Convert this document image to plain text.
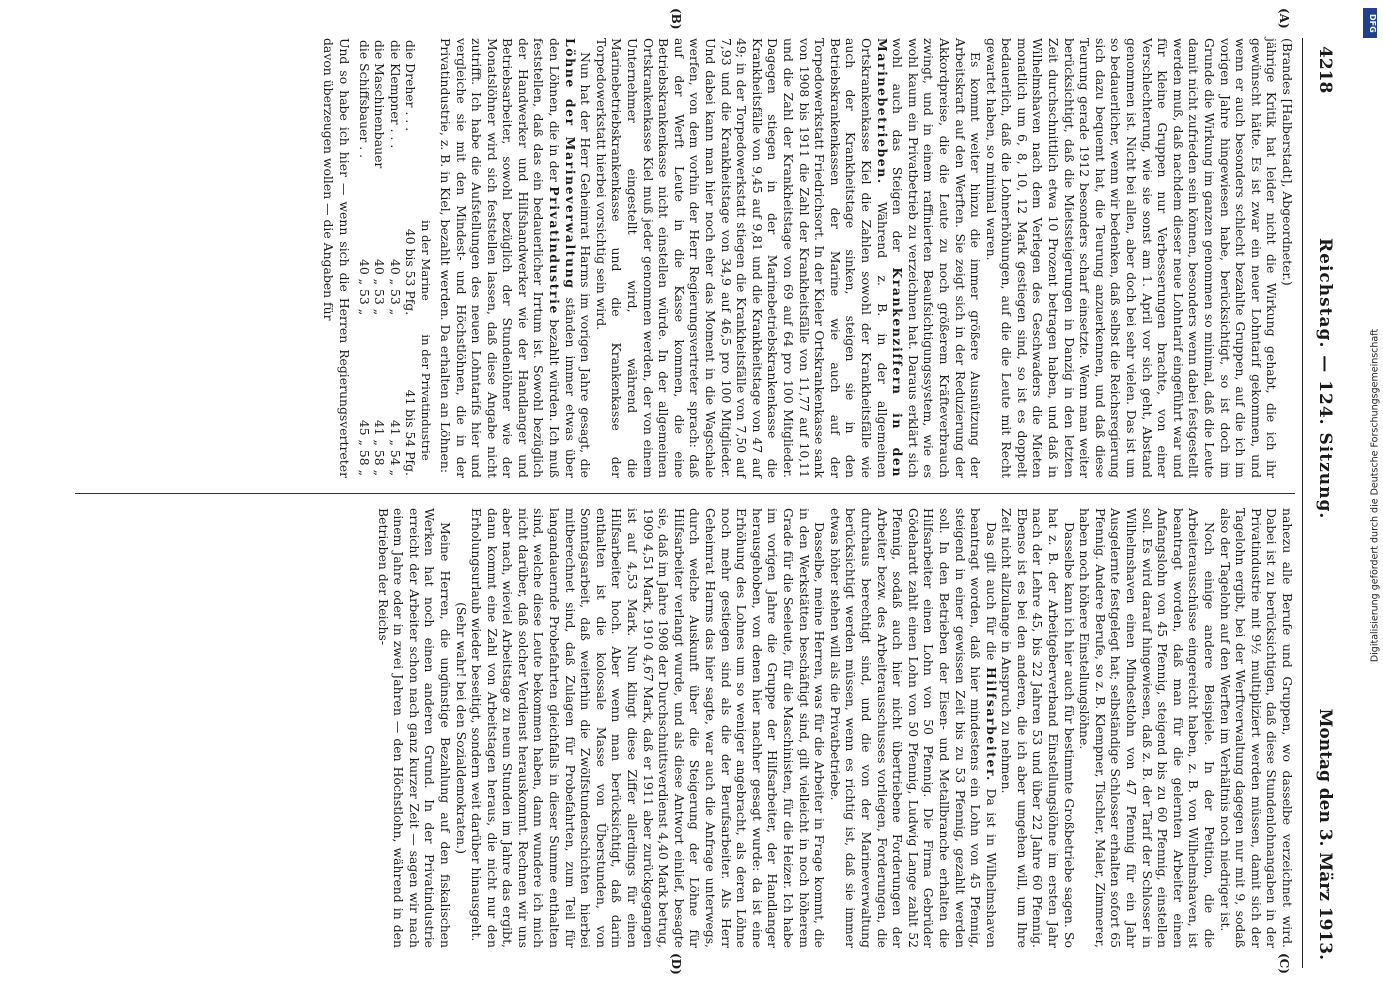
4218
Reichstag. — 124. Sitzung.
Montag den 3. März 1913.
(A)
(B)
(C)
(D)

(Brandes [Halberstadt], Abgeordneter.)

jährige Kritik hat leider nicht die Wirkung gehabt, die ich ihr gewünscht hätte. Es ist zwar ein neuer Lohntarif gekommen, und wenn er auch besonders schlecht bezahlte Gruppen, auf die ich im vorigen Jahre hingewiesen habe, berücksichtigt, so ist doch im Grunde die Wirkung im ganzen genommen so minimal, daß die Leute damit nicht zufrieden sein können, besonders wenn dabei festgestellt werden muß, daß nachdem dieser neue Lohntarif eingeführt war und für kleine Gruppen nur Verbesserungen brachte, von einer Verschlechterung, wie sie sonst am 1. April vor sich geht, Abstand genommen ist. Nicht bei allen, aber doch bei sehr vielen. Das ist um so bedauerlicher, wenn wir bedenken, daß selbst die Reichsregierung sich dazu bequemt hat, die Teurung anzuerkennen, und daß diese Teurung gerade 1912 besonders scharf einsetzte. Wenn man weiter berücksichtigt, daß die Mietssteigerungen in Danzig in den letzten Zeit durchschnittlich etwa 10 Prozent betragen haben, und daß in Wilhelmshaven nach dem Verlegen des Geschwaders die Mieten monatlich um 6, 8, 10, 12 Mark gestiegen sind, so ist es doppelt bedauerlich, daß die Lohnerhöhungen, auf die die Leute mit Recht gewartet haben, so minimal waren.

Es kommt weiter hinzu die immer größere Ausnützung der Arbeitskraft auf den Werften. Sie zeigt sich in der Reduzierung der Akkordpreise, die die Leute zu noch größerem Kräfteverbrauch zwingt, und in einem raffinierten Beaufsichtigungssystem, wie es wohl kaum ein Privatbetrieb zu verzeichnen hat. Daraus erklärt sich wohl auch das Steigen der Krankenziffern in den Marinebetrieben. Während z. B. in der allgemeinen Ortskrankenkasse Kiel die Zahlen sowohl der Krankheitsfälle wie auch der Krankheitstage sinken, steigen sie in den Betriebskrankenkassen der Marine wie auch auf der Torpedowerkstatt Friedrichsort. In der Kieler Ortskrankenkasse sank von 1908 bis 1911 die Zahl der Krankheitsfälle von 11,77 auf 10,11 und die Zahl der Krankheitstage von 69 auf 64 pro 100 Mitglieder. Dagegen stiegen in der Marinebetriebskrankenkasse die Krankheitsfälle von 9,45 auf 9,81 und die Krankheitstage von 47 auf 49; in der Torpedowerkstatt stiegen die Krankheitsfälle von 7,50 auf 7,93 und die Krankheitstage von 34,9 auf 46,5 pro 100 Mitglieder. Und dabei kann man hier noch eher das Moment in die Wagschale werfen, von dem vorhin der Herr Regierungsvertreter sprach: daß auf der Werft Leute in die Kasse kommen, die eine Betriebskrankenkasse nicht einstellen würde. In der allgemeinen Ortskrankenkasse Kiel muß jeder genommen werden, der von einem Unternehmer eingestellt wird, während die Marinebetriebskrankenkasse und die Krankenkasse der Torpedowerkstatt hierbei vorsichtig sein wird.

Nun hat der Herr Geheimrat Harms im vorigen Jahre gesagt, die Löhne der Marineverwaltung ständen immer etwas über den Löhnen, die in der Privatindustrie bezahlt würden. Ich muß feststellen, daß das ein bedauerlicher Irrtum ist. Sowohl bezüglich der Handwerker und Hilfshandwerker wie der Handlanger und Betriebsarbeiter, sowohl bezüglich der Stundenlöhner wie der Monatslöhner wird sich feststellen lassen, daß diese Angabe nicht zutrifft. Ich habe die Aufstellungen des neuen Lohntarifs hier und vergleiche sie mit den Mindest- und Höchstlöhnen, die in der Privatindustrie, z. B. in Kiel, bezahlt werden. Da erhalten an Löhnen:

	in der Marine	in der Privatindustrie
die Dreher . . .	40 bis 53 Pfg.	41 bis 54 Pfg.
die Klempner . . .	40 „ 53 „	41 „ 54 „
die Maschinenbauer	40 „ 53 „	41 „ 58 „
die Schiffsbauer . .	40 „ 53 „	45 „ 58 „

Und so habe ich hier — wenn sich die Herren Regierungsvertreter davon überzeugen wollen — die Angaben für

nahezu alle Berufe und Gruppen, wo dasselbe verzeichnet wird. Dabei ist zu berücksichtigen, daß diese Stundenlohnangaben in der Privatindustrie mit 9½ multipliziert werden müssen, damit sich der Tagelohn ergibt, bei der Werftverwaltung dagegen nur mit 9, sodaß also der Tagelohn auf den Werften im Verhältnis noch niedriger ist.

Noch einige andere Beispiele. In der Petition, die die Arbeiterausschüsse eingereicht haben, z. B. von Wilhelmshaven, ist beantragt worden, daß man für die gelernten Arbeiter einen Anfangslohn von 45 Pfennig, steigend bis zu 60 Pfennig, einstellen soll. Es wird darauf hingewiesen, daß z. B. der Tarif der Schlosser in Wilhelmshaven einen Mindestlohn von 47 Pfennig für ein Jahr Ausgelernte festgelegt hat; selbständige Schlosser erhalten sofort 65 Pfennig. Andere Berufe, so z. B. Klempner, Tischler, Maler, Zimmerer, haben noch höhere Einstellungslöhne.

Dasselbe kann ich hier auch für bestimmte Großbetriebe sagen. So hat z. B. der Arbeitgeberverband Einstellungslöhne im ersten Jahr nach der Lehre 45, bis 22 Jahren 53 und über 22 Jahre 60 Pfennig. Ebenso ist es bei den anderen, die ich aber umgehen will, um Ihre Zeit nicht allzulange in Anspruch zu nehmen.

Das gilt auch für die Hilfsarbeiter. Da ist in Wilhelmshaven beantragt worden, daß hier mindestens ein Lohn von 45 Pfennig, steigend in einer gewissen Zeit bis zu 53 Pfennig, gezahlt werden soll. In den Betrieben der Eisen- und Metallbranche erhalten die Hilfsarbeiter einen Lohn von 50 Pfennig. Die Firma Gebrüder Gödehardt zahlt einen Lohn von 50 Pfennig, Ludwig Lange zahlt 52 Pfennig, sodaß auch hier nicht übertriebene Forderungen der Arbeiter bezw. des Arbeiterausschusses vorliegen, Forderungen, die durchaus berechtigt sind, und die von der Marineverwaltung berücksichtigt werden müssen, wenn es richtig ist, daß sie immer etwas höher stehen will als die Privatbetriebe.

Dasselbe, meine Herren, was für die Arbeiter in Frage kommt, die in den Werkstätten beschäftigt sind, gilt vielleicht in noch höherem Grade für die Seeleute, für die Maschinisten, für die Heizer. Ich habe im vorigen Jahre die Gruppe der Hilfsarbeiter, der Handlanger herausgehoben, von denen hier nachher gesagt wurde: da ist eine Erhöhung des Lohnes um so weniger angebracht, als deren Löhne noch mehr gestiegen sind als die der Berufsarbeiter. Als Herr Geheimrat Harms das hier sagte, war auch die Anfrage unterwegs, durch welche Auskunft über die Steigerung der Löhne für Hilfsarbeiter verlangt wurde, und als diese Antwort einlief, besagte sie, daß im Jahre 1908 der Durchschnittsverdienst 4,40 Mark betrug, 1909 4,51 Mark, 1910 4,67 Mark, daß er 1911 aber zurückgegangen ist auf 4,53 Mark. Nun klingt diese Ziffer allerdings für einen Hilfsarbeiter hoch. Aber wenn man berücksichtigt, daß darin enthalten ist die kolossale Masse von Überstunden, von Sonntagsarbeit, daß weiterhin die Zwölfstundenschichten hierbei mitberechnet sind, daß Zulagen für Probefahrten, zum Teil für langandauernde Probefahrten gleichfalls in dieser Summe enthalten sind, welche diese Leute bekommen haben, dann wundere ich mich nicht darüber, daß solcher Verdienst herauskommt. Rechnen wir uns aber nach, wieviel Arbeitstage zu neun Stunden im Jahre das ergibt, dann kommt eine Zahl von Arbeitstagen heraus, die nicht nur den Erholungsurlaub wieder beseitigt, sondern weit darüber hinausgeht.

(Sehr wahr! bei den Sozialdemokraten.)

Meine Herren, die ungünstige Bezahlung auf den fiskalischen Werken hat noch einen anderen Grund. In der Privatindustrie erreicht der Arbeiter schon nach ganz kurzer Zeit — sagen wir nach einem Jahre oder in zwei Jahren — den Höchstlohn, während in den Betrieben der Reichs-

DFG
Digitalisierung gefördert durch die Deutsche Forschungsgemeinschaft
